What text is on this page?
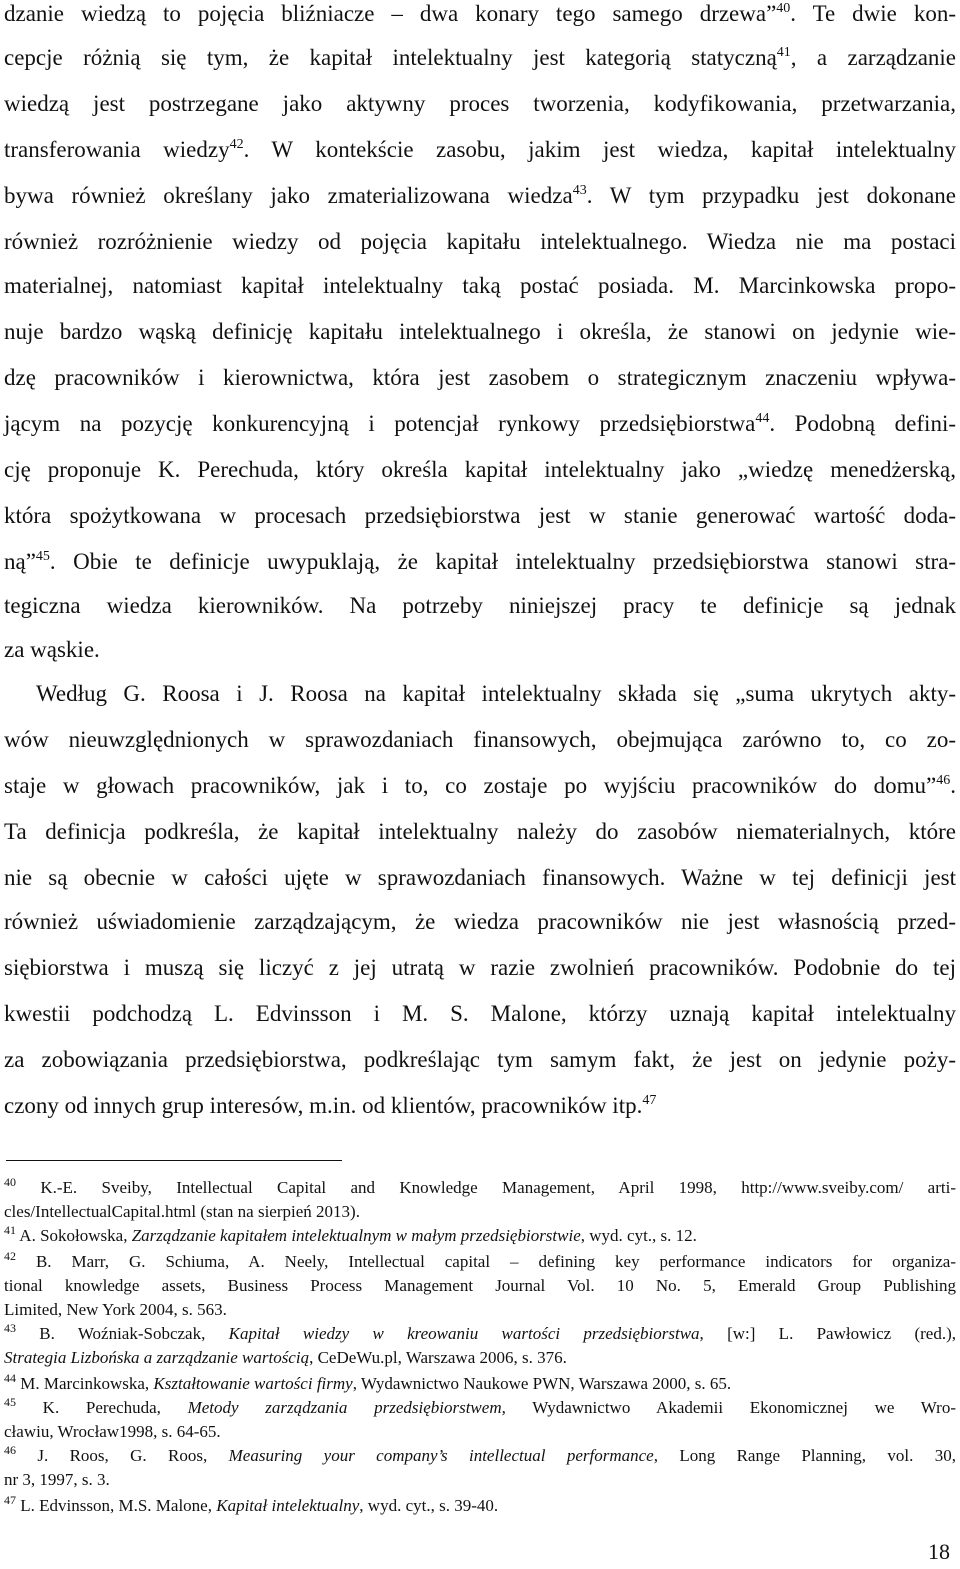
dzanie wiedzą to pojęcia bliźniacze – dwa konary tego samego drzewa”$^{40}$. Te dwie kon-
cepcje różnią się tym, że kapitał intelektualny jest kategorią statyczną$^{41}$, a zarządzanie
wiedzą jest postrzegane jako aktywny proces tworzenia, kodyfikowania, przetwarzania,
transferowania wiedzy$^{42}$. W kontekście zasobu, jakim jest wiedza, kapitał intelektualny
bywa również określany jako zmaterializowana wiedza$^{43}$. W tym przypadku jest dokonane
również rozróżnienie wiedzy od pojęcia kapitału intelektualnego. Wiedza nie ma postaci
materialnej, natomiast kapitał intelektualny taką postać posiada. M. Marcinkowska propo-
nuje bardzo wąską definicję kapitału intelektualnego i określa, że stanowi on jedynie wie-
dzę pracowników i kierownictwa, która jest zasobem o strategicznym znaczeniu wpływa-
jącym na pozycję konkurencyjną i potencjał rynkowy przedsiębiorstwa$^{44}$. Podobną defini-
cję proponuje K. Perechuda, który określa kapitał intelektualny jako „wiedzę menedżerską,
która spożytkowana w procesach przedsiębiorstwa jest w stanie generować wartość doda-
ną”$^{45}$. Obie te definicje uwypuklają, że kapitał intelektualny przedsiębiorstwa stanowi stra-
tegiczna wiedza kierowników. Na potrzeby niniejszej pracy te definicje są jednak
za wąskie.
Według G. Roosa i J. Roosa na kapitał intelektualny składa się „suma ukrytych akty-
wów nieuwzględnionych w sprawozdaniach finansowych, obejmująca zarówno to, co zo-
staje w głowach pracowników, jak i to, co zostaje po wyjściu pracowników do domu”$^{46}$.
Ta definicja podkreśla, że kapitał intelektualny należy do zasobów niematerialnych, które
nie są obecnie w całości ujęte w sprawozdaniach finansowych. Ważne w tej definicji jest
również uświadomienie zarządzającym, że wiedza pracowników nie jest własnością przed-
siębiorstwa i muszą się liczyć z jej utratą w razie zwolnień pracowników. Podobnie do tej
kwestii podchodzą L. Edvinsson i M. S. Malone, którzy uznają kapitał intelektualny
za zobowiązania przedsiębiorstwa, podkreślając tym samym fakt, że jest on jedynie poży-
czony od innych grup interesów, m.in. od klientów, pracowników itp.$^{47}$
$^{40}$ K.-E. Sveiby, Intellectual Capital and Knowledge Management, April 1998, http://www.sveiby.com/ arti-
cles/IntellectualCapital.html (stan na sierpień 2013).
$^{41}$ A. Sokołowska, Zarządzanie kapitałem intelektualnym w małym przedsiębiorstwie, wyd. cyt., s. 12.
$^{42}$ B. Marr, G. Schiuma, A. Neely, Intellectual capital – defining key performance indicators for organiza-
tional knowledge assets, Business Process Management Journal Vol. 10 No. 5, Emerald Group Publishing
Limited, New York 2004, s. 563.
$^{43}$ B. Woźniak-Sobczak, Kapitał wiedzy w kreowaniu wartości przedsiębiorstwa, [w:] L. Pawłowicz (red.),
Strategia Lizbońska a zarządzanie wartością, CeDeWu.pl, Warszawa 2006, s. 376.
$^{44}$ M. Marcinkowska, Kształtowanie wartości firmy, Wydawnictwo Naukowe PWN, Warszawa 2000, s. 65.
$^{45}$ K. Perechuda, Metody zarządzania przedsiębiorstwem, Wydawnictwo Akademii Ekonomicznej we Wro-
cławiu, Wrocław1998, s. 64-65.
$^{46}$ J. Roos, G. Roos, Measuring your company’s intellectual performance, Long Range Planning, vol. 30,
nr 3, 1997, s. 3.
$^{47}$ L. Edvinsson, M.S. Malone, Kapitał intelektualny, wyd. cyt., s. 39-40.
18
